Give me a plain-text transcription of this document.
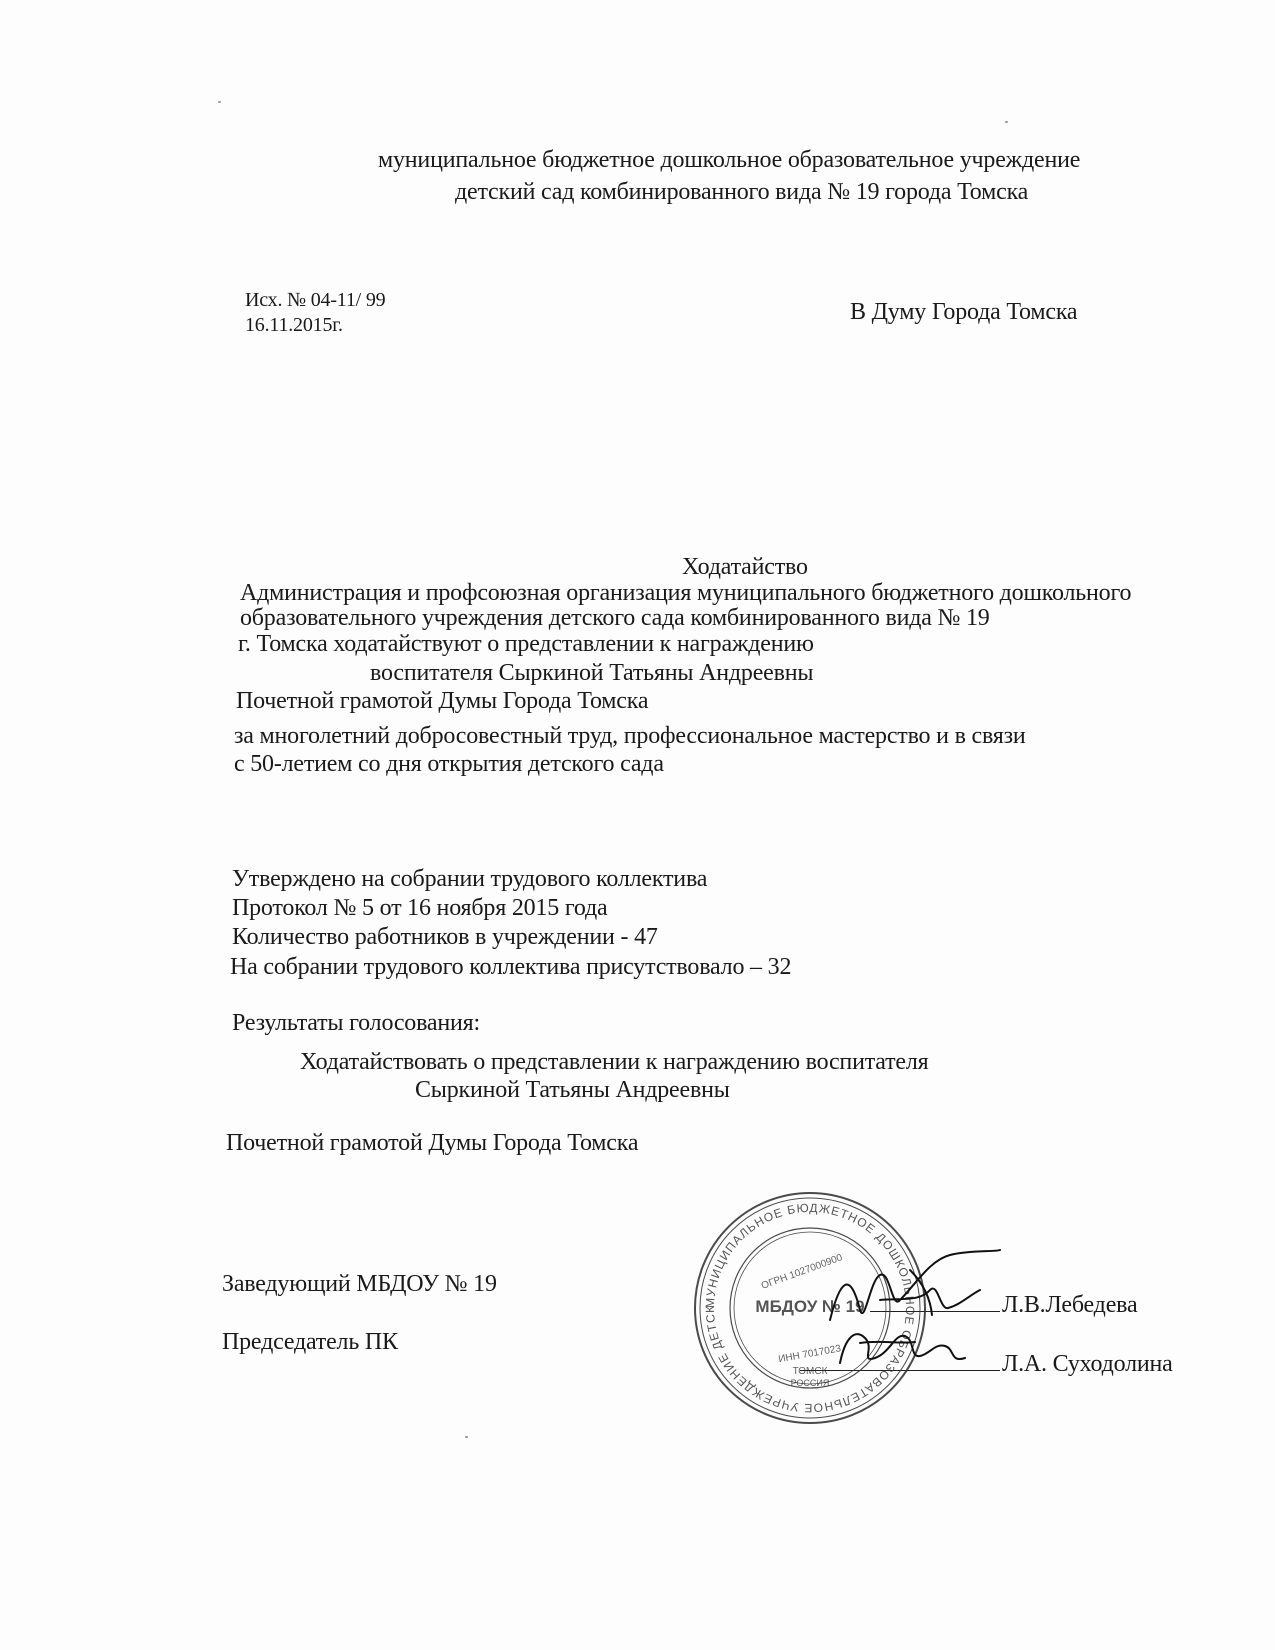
муниципальное бюджетное дошкольное образовательное учреждение
детский сад комбинированного вида № 19 города Томска
Исх. № 04-11/ 99
16.11.2015г.	В Думу Города Томска
Ходатайство
Администрация и профсоюзная организация муниципального бюджетного дошкольного
образовательного учреждения детского сада комбинированного вида № 19
г. Томска ходатайствуют о представлении к награждению
воспитателя Сыркиной Татьяны Андреевны
Почетной грамотой Думы Города Томска
за многолетний добросовестный труд, профессиональное мастерство и в связи
с 50-летием со дня открытия детского сада
Утверждено на собрании трудового коллектива
Протокол № 5 от 16 ноября 2015 года
Количество работников в учреждении - 47
На собрании трудового коллектива присутствовало – 32
Результаты голосования:
Ходатайствовать о представлении к награждению воспитателя
Сыркиной Татьяны Андреевны
Почетной грамотой Думы Города Томска
Заведующий МБДОУ № 19
Председатель ПК
Л.В.Лебедева
Л.А. Суходолина
МУНИЦИПАЛЬНОЕ БЮДЖЕТНОЕ ДОШКОЛЬНОЕ ОБРАЗОВАТЕЛЬНОЕ УЧРЕЖДЕНИЕ ДЕТСКИЙ САД КОМБИНИРОВАННОГО ВИДА
ОГРН 1027000900
МБДОУ № 19
ИНН 7017023
ТОМСК
РОССИЯ
